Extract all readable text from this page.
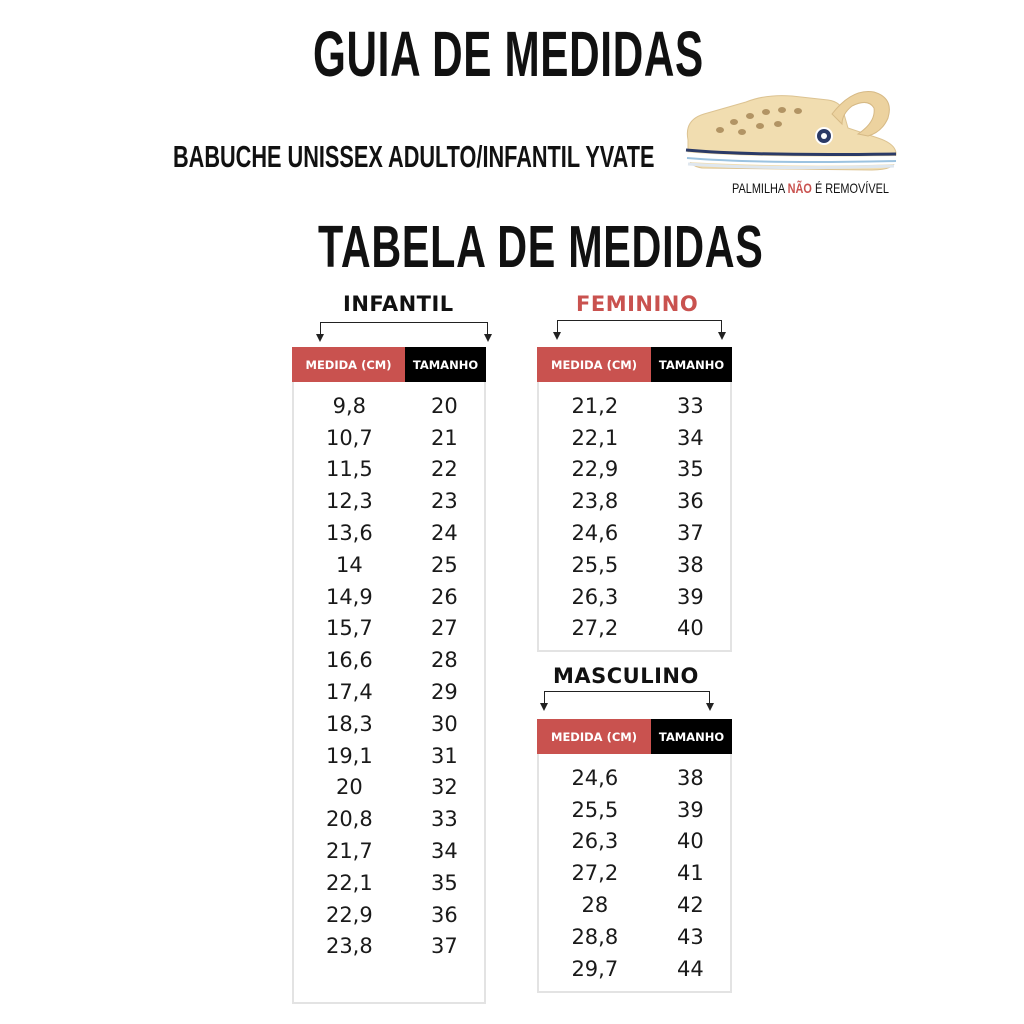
GUIA DE MEDIDAS
BABUCHE UNISSEX ADULTO/INFANTIL YVATE
PALMILHA NÃO É REMOVÍVEL
TABELA DE MEDIDAS
INFANTIL
MEDIDA (CM)	TAMANHO
9,8	20
10,7	21
11,5	22
12,3	23
13,6	24
14	25
14,9	26
15,7	27
16,6	28
17,4	29
18,3	30
19,1	31
20	32
20,8	33
21,7	34
22,1	35
22,9	36
23,8	37
FEMININO
MEDIDA (CM)	TAMANHO
21,2	33
22,1	34
22,9	35
23,8	36
24,6	37
25,5	38
26,3	39
27,2	40
MASCULINO
MEDIDA (CM)	TAMANHO
24,6	38
25,5	39
26,3	40
27,2	41
28	42
28,8	43
29,7	44
